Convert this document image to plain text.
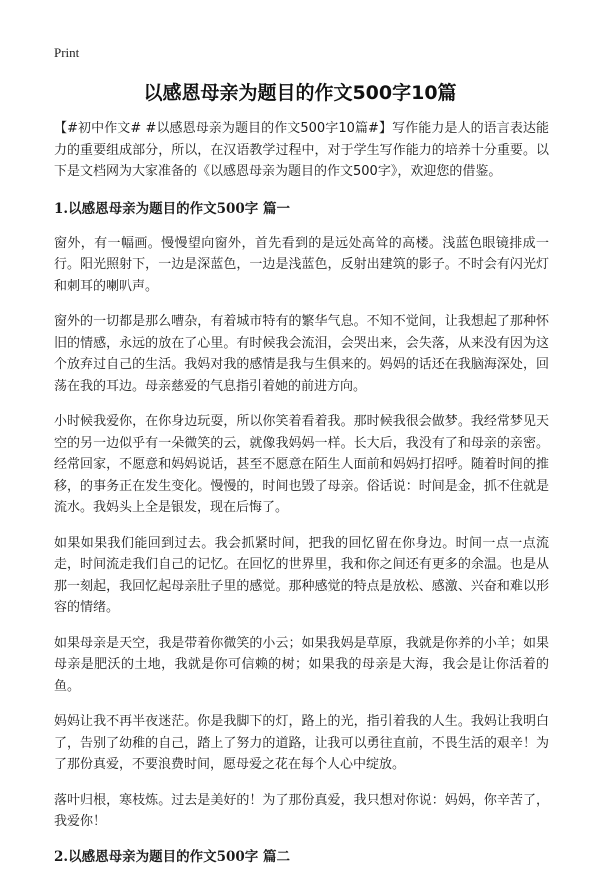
Print
以感恩母亲为题目的作文500字10篇

【#初中作文# #以感恩母亲为题目的作文500字10篇#】写作能力是人的语言表达能力的重要组成部分，所以，在汉语教学过程中，对于学生写作能力的培养十分重要。以下是文档网为大家准备的《以感恩母亲为题目的作文500字》，欢迎您的借鉴。

1.以感恩母亲为题目的作文500字 篇一

窗外，有一幅画。慢慢望向窗外，首先看到的是远处高耸的高楼。浅蓝色眼镜排成一行。阳光照射下，一边是深蓝色，一边是浅蓝色，反射出建筑的影子。不时会有闪光灯和刺耳的喇叭声。

窗外的一切都是那么嘈杂，有着城市特有的繁华气息。不知不觉间，让我想起了那种怀旧的情感，永远的放在了心里。有时候我会流泪，会哭出来，会失落，从来没有因为这个放弃过自己的生活。我妈对我的感情是我与生俱来的。妈妈的话还在我脑海深处，回荡在我的耳边。母亲慈爱的气息指引着她的前进方向。

小时候我爱你，在你身边玩耍，所以你笑着看着我。那时候我很会做梦。我经常梦见天空的另一边似乎有一朵微笑的云，就像我妈妈一样。长大后，我没有了和母亲的亲密。经常回家，不愿意和妈妈说话，甚至不愿意在陌生人面前和妈妈打招呼。随着时间的推移，的事务正在发生变化。慢慢的，时间也毁了母亲。俗话说：时间是金，抓不住就是流水。我妈头上全是银发，现在后悔了。

如果如果我们能回到过去。我会抓紧时间，把我的回忆留在你身边。时间一点一点流走，时间流走我们自己的记忆。在回忆的世界里，我和你之间还有更多的余温。也是从那一刻起，我回忆起母亲肚子里的感觉。那种感觉的特点是放松、感激、兴奋和难以形容的情绪。

如果母亲是天空，我是带着你微笑的小云；如果我妈是草原，我就是你养的小羊；如果母亲是肥沃的土地，我就是你可信赖的树；如果我的母亲是大海，我会是让你活着的鱼。

妈妈让我不再半夜迷茫。你是我脚下的灯，路上的光，指引着我的人生。我妈让我明白了，告别了幼稚的自己，踏上了努力的道路，让我可以勇往直前，不畏生活的艰辛！为了那份真爱，不要浪费时间，愿母爱之花在每个人心中绽放。

落叶归根，寒枝炼。过去是美好的！为了那份真爱，我只想对你说：妈妈，你辛苦了，我爱你！

2.以感恩母亲为题目的作文500字 篇二
